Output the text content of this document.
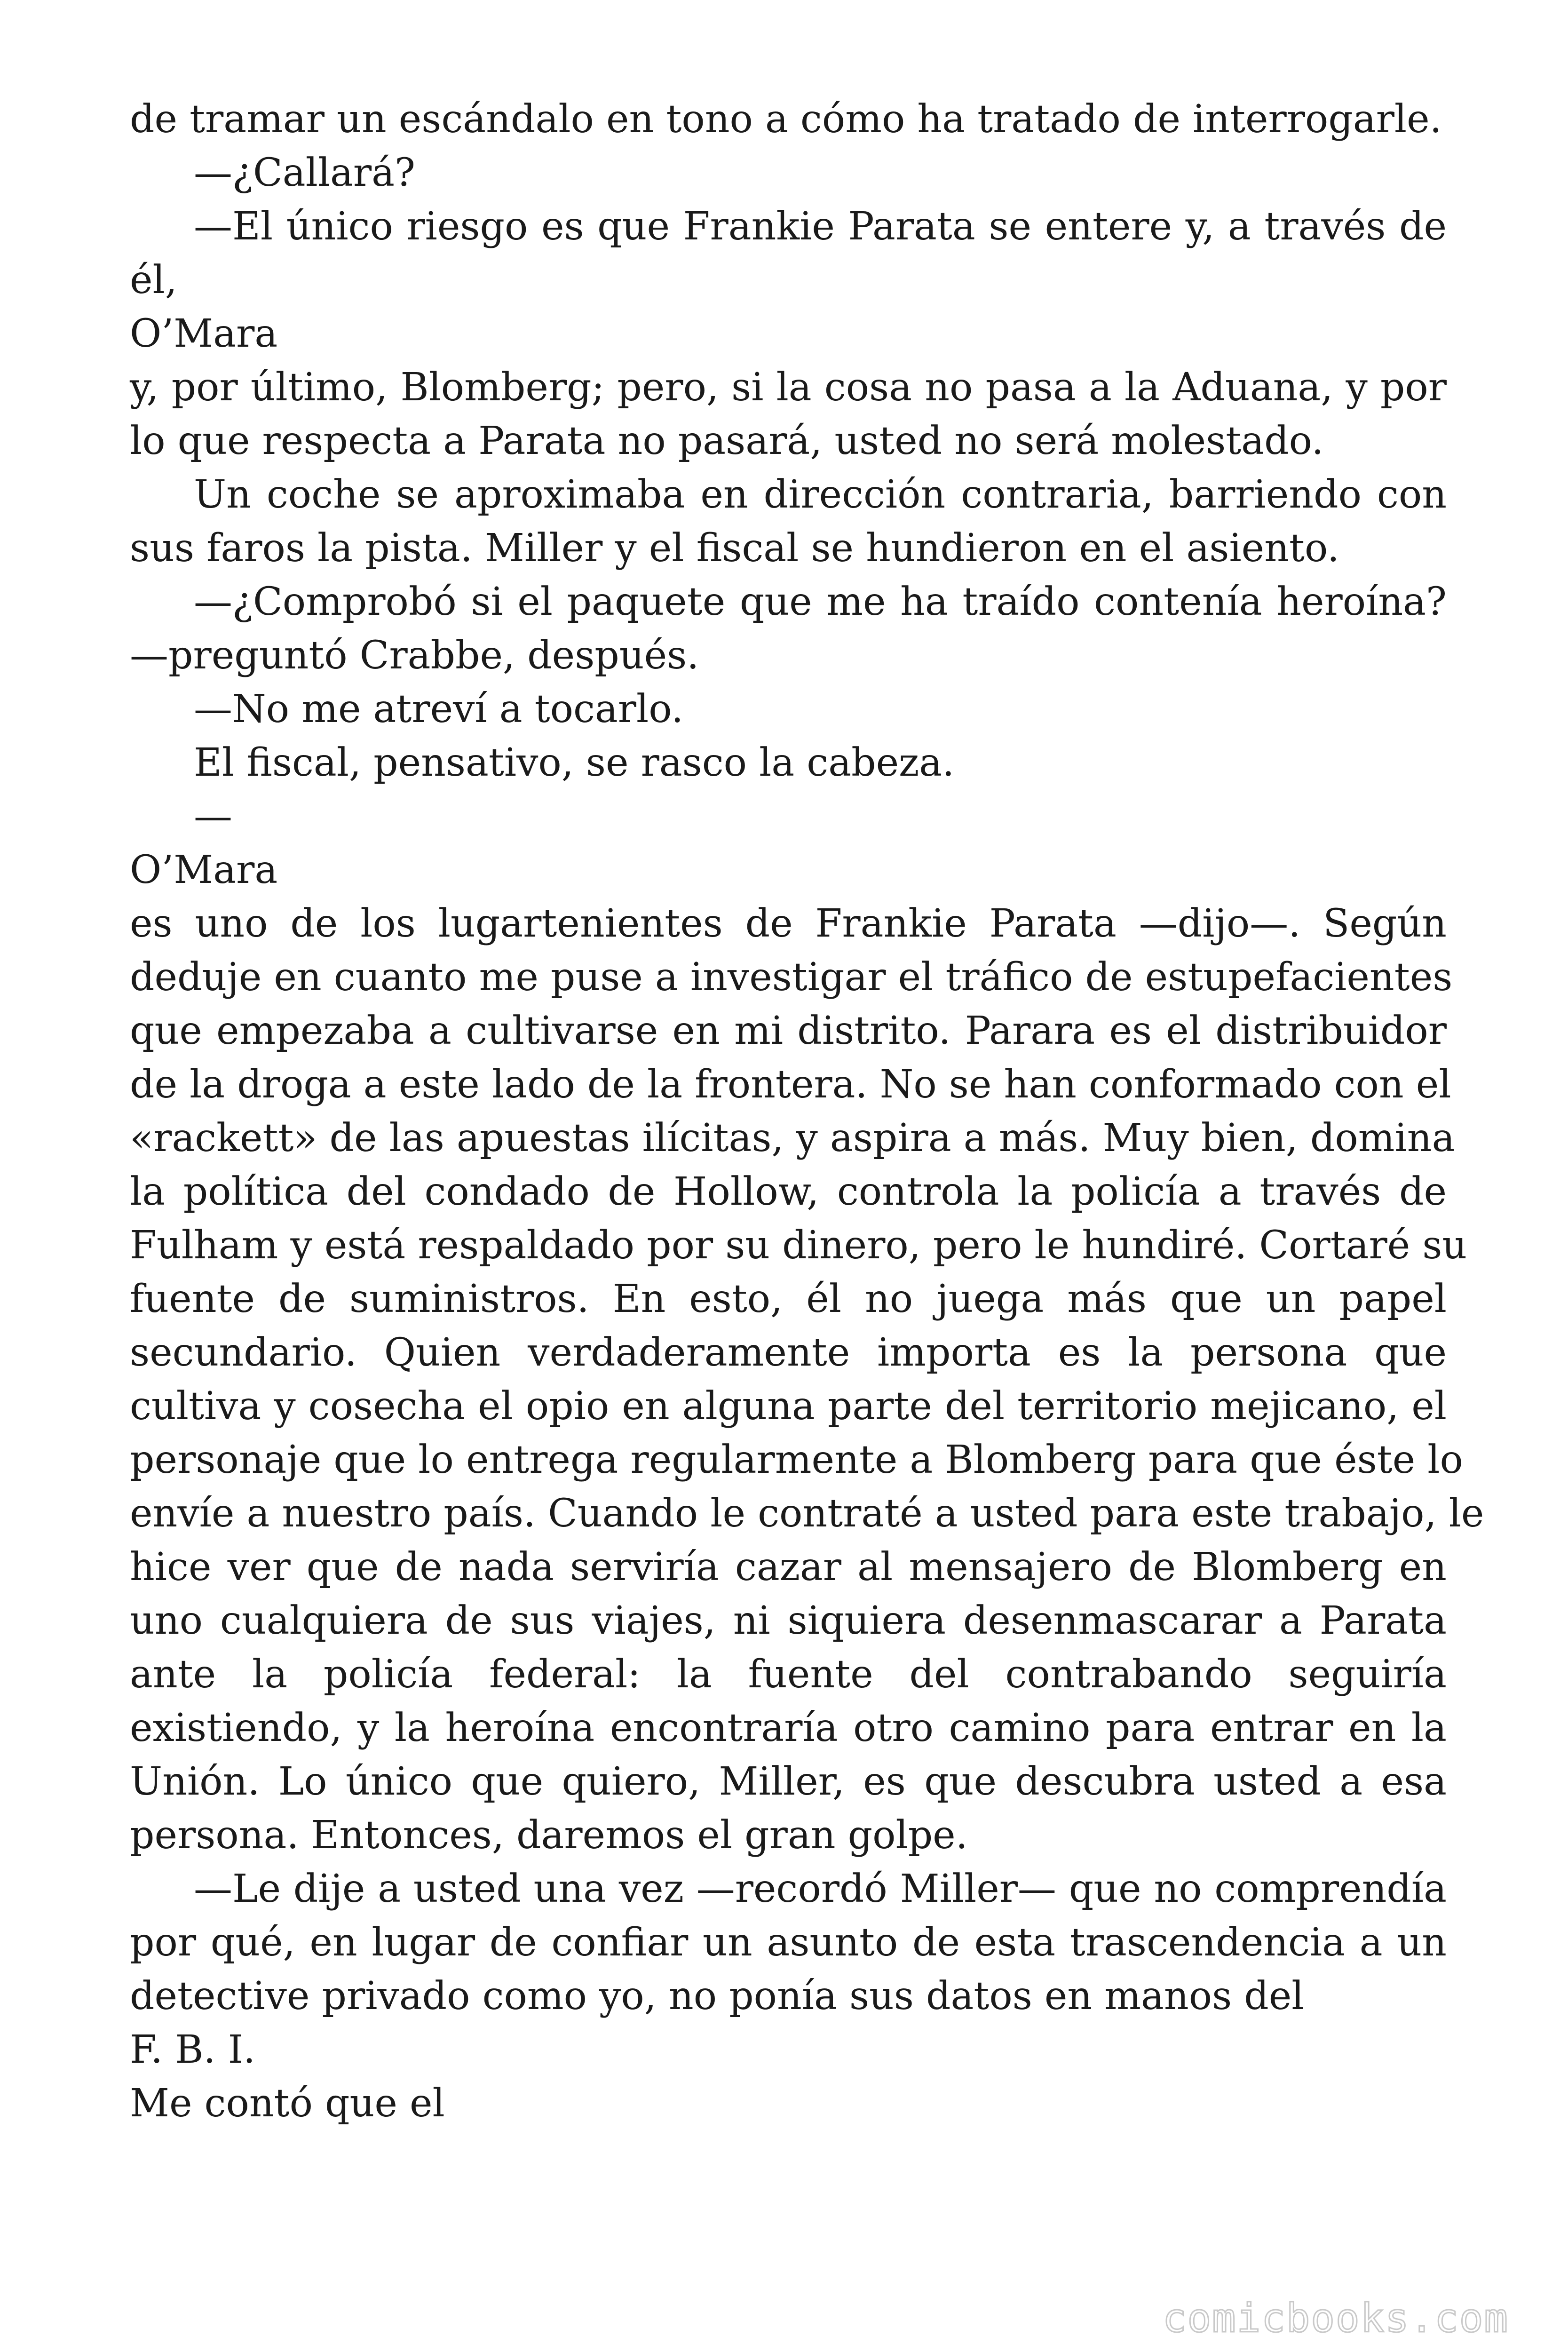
de tramar un escándalo en tono a cómo ha tratado de interrogarle.
—¿Callará?
—El único riesgo es que Frankie Parata se entere y, a través de
él,
O’Mara
y, por último, Blomberg; pero, si la cosa no pasa a la Aduana, y por
lo que respecta a Parata no pasará, usted no será molestado.
Un coche se aproximaba en dirección contraria, barriendo con
sus faros la pista. Miller y el fiscal se hundieron en el asiento.
—¿Comprobó si el paquete que me ha traído contenía heroína?
—preguntó Crabbe, después.
—No me atreví a tocarlo.
El fiscal, pensativo, se rasco la cabeza.
—
O’Mara
es uno de los lugartenientes de Frankie Parata —dijo—. Según
deduje en cuanto me puse a investigar el tráfico de estupefacientes
que empezaba a cultivarse en mi distrito. Parara es el distribuidor
de la droga a este lado de la frontera. No se han conformado con el
«rackett» de las apuestas ilícitas, y aspira a más. Muy bien, domina
la política del condado de Hollow, controla la policía a través de
Fulham y está respaldado por su dinero, pero le hundiré. Cortaré su
fuente de suministros. En esto, él no juega más que un papel
secundario. Quien verdaderamente importa es la persona que
cultiva y cosecha el opio en alguna parte del territorio mejicano, el
personaje que lo entrega regularmente a Blomberg para que éste lo
envíe a nuestro país. Cuando le contraté a usted para este trabajo, le
hice ver que de nada serviría cazar al mensajero de Blomberg en
uno cualquiera de sus viajes, ni siquiera desenmascarar a Parata
ante la policía federal: la fuente del contrabando seguiría
existiendo, y la heroína encontraría otro camino para entrar en la
Unión. Lo único que quiero, Miller, es que descubra usted a esa
persona. Entonces, daremos el gran golpe.
—Le dije a usted una vez —recordó Miller— que no comprendía
por qué, en lugar de confiar un asunto de esta trascendencia a un
detective privado como yo, no ponía sus datos en manos del
F. B. I.
Me contó que el
comicbooks.com
